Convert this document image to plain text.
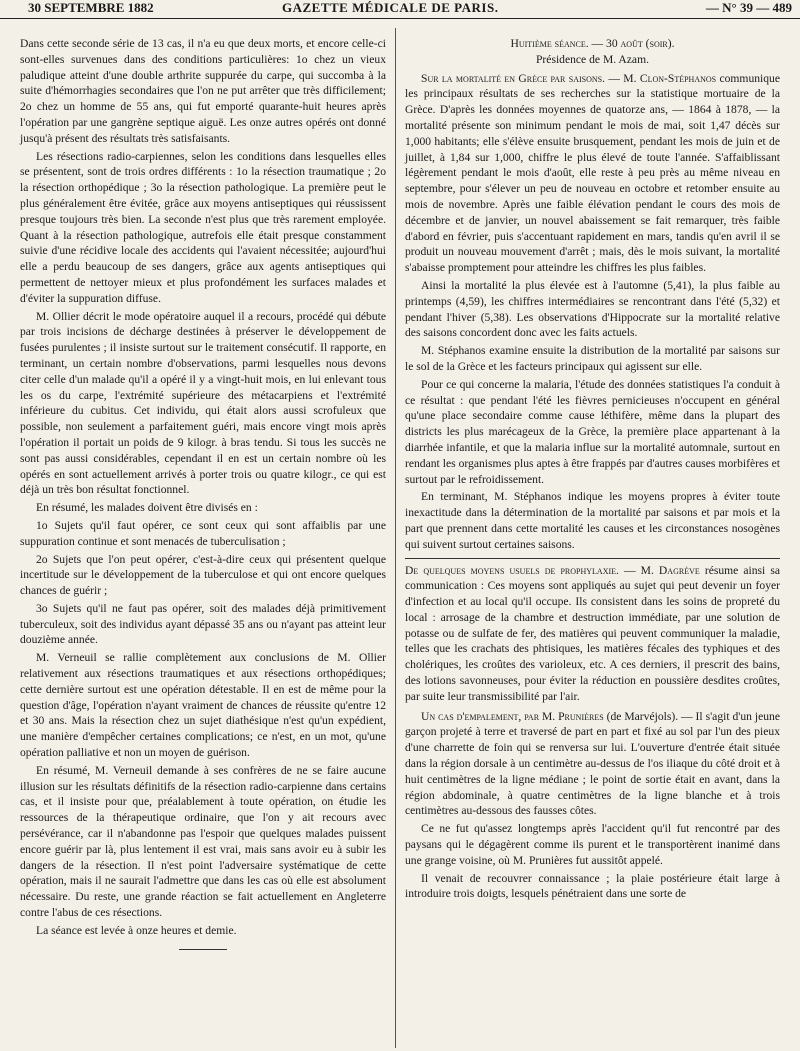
30 SEPTEMBRE 1882	GAZETTE MÉDICALE DE PARIS.	— N° 39 — 489

Dans cette seconde série de 13 cas, il n'a eu que deux morts, et encore celle-ci sont-elles survenues dans des conditions particulières: 1o chez un vieux paludique atteint d'une double arthrite suppurée du carpe, qui succomba à la suite d'hémorrhagies secondaires que l'on ne put arrêter que très difficilement; 2o chez un homme de 55 ans, qui fut emporté quarante-huit heures après l'opération par une gangrène septique aiguë. Les onze autres opérés ont donné jusqu'à présent des résultats très satisfaisants.

Les résections radio-carpiennes, selon les conditions dans lesquelles elles se présentent, sont de trois ordres différents : 1o la résection traumatique ; 2o la résection orthopédique ; 3o la résection pathologique. La première peut le plus généralement être évitée, grâce aux moyens antiseptiques qui réussissent presque toujours très bien. La seconde n'est plus que très rarement employée. Quant à la résection pathologique, autrefois elle était presque constamment suivie d'une récidive locale des accidents qui l'avaient nécessitée; aujourd'hui elle a perdu beaucoup de ses dangers, grâce aux agents antiseptiques qui permettent de nettoyer mieux et plus profondément les surfaces malades et d'éviter la suppuration diffuse.

M. Ollier décrit le mode opératoire auquel il a recours, procédé qui débute par trois incisions de décharge destinées à préserver le développement de fusées purulentes ; il insiste surtout sur le traitement consécutif. Il rapporte, en terminant, un certain nombre d'observations, parmi lesquelles nous devons citer celle d'un malade qu'il a opéré il y a vingt-huit mois, en lui enlevant tous les os du carpe, l'extrémité supérieure des métacarpiens et l'extrémité inférieure du cubitus. Cet individu, qui était alors aussi scrofuleux que possible, non seulement a parfaitement guéri, mais encore vingt mois après l'opération il portait un poids de 9 kilogr. à bras tendu. Si tous les succès ne sont pas aussi considérables, cependant il en est un certain nombre où les opérés en sont actuellement arrivés à porter trois ou quatre kilogr., ce qui est déjà un très bon résultat fonctionnel.

En résumé, les malades doivent être divisés en :

1o Sujets qu'il faut opérer, ce sont ceux qui sont affaiblis par une suppuration continue et sont menacés de tuberculisation ;

2o Sujets que l'on peut opérer, c'est-à-dire ceux qui présentent quelque incertitude sur le développement de la tuberculose et qui ont encore quelques chances de guérir ;

3o Sujets qu'il ne faut pas opérer, soit des malades déjà primitivement tuberculeux, soit des individus ayant dépassé 35 ans ou n'ayant pas atteint leur douzième année.

M. Verneuil se rallie complètement aux conclusions de M. Ollier relativement aux résections traumatiques et aux résections orthopédiques; cette dernière surtout est une opération détestable. Il en est de même pour la question d'âge, l'opération n'ayant vraiment de chances de réussite qu'entre 12 et 30 ans. Mais la résection chez un sujet diathésique n'est qu'un expédient, une manière d'empêcher certaines complications; ce n'est, en un mot, qu'une opération palliative et non un moyen de guérison.

En résumé, M. Verneuil demande à ses confrères de ne se faire aucune illusion sur les résultats définitifs de la résection radio-carpienne dans certains cas, et il insiste pour que, préalablement à toute opération, on étudie les ressources de la thérapeutique ordinaire, que l'on y ait recours avec persévérance, car il n'abandonne pas l'espoir que quelques malades puissent encore guérir par là, plus lentement il est vrai, mais sans avoir eu à subir les dangers de la résection. Il n'est point l'adversaire systématique de cette opération, mais il ne saurait l'admettre que dans les cas où elle est absolument nécessaire. Du reste, une grande réaction se fait actuellement en Angleterre contre l'abus de ces résections.

La séance est levée à onze heures et demie.

Huitième séance. — 30 août (soir).

Présidence de M. Azam.

Sur la mortalité en Grèce par saisons. — M. Clon-Stéphanos communique les principaux résultats de ses recherches sur la statistique mortuaire de la Grèce. D'après les données moyennes de quatorze ans, — 1864 à 1878, — la mortalité présente son minimum pendant le mois de mai, soit 1,47 décès sur 1,000 habitants; elle s'élève ensuite brusquement, pendant les mois de juin et de juillet, à 1,84 sur 1,000, chiffre le plus élevé de toute l'année. S'affaiblissant légèrement pendant le mois d'août, elle reste à peu près au même niveau en septembre, pour s'élever un peu de nouveau en octobre et retomber ensuite au mois de novembre. Après une faible élévation pendant le cours des mois de décembre et de janvier, un nouvel abaissement se fait remarquer, très faible d'abord en février, puis s'accentuant rapidement en mars, tandis qu'en avril il se produit un nouveau mouvement d'arrêt ; mais, dès le mois suivant, la mortalité s'abaisse promptement pour atteindre les chiffres les plus faibles.

Ainsi la mortalité la plus élevée est à l'automne (5,41), la plus faible au printemps (4,59), les chiffres intermédiaires se rencontrant dans l'été (5,32) et pendant l'hiver (5,38). Les observations d'Hippocrate sur la mortalité relative des saisons concordent donc avec les faits actuels.

M. Stéphanos examine ensuite la distribution de la mortalité par saisons sur le sol de la Grèce et les facteurs principaux qui agissent sur elle.

Pour ce qui concerne la malaria, l'étude des données statistiques l'a conduit à ce résultat : que pendant l'été les fièvres pernicieuses n'occupent en général qu'une place secondaire comme cause léthifère, même dans la plupart des districts les plus marécageux de la Grèce, la première place appartenant à la diarrhée infantile, et que la malaria influe sur la mortalité automnale, surtout en rendant les organismes plus aptes à être frappés par d'autres causes morbifères et surtout par le refroidissement.

En terminant, M. Stéphanos indique les moyens propres à éviter toute inexactitude dans la détermination de la mortalité par saisons et par mois et la part que prennent dans cette mortalité les causes et les circonstances nosogènes qui suivent surtout certaines saisons.

De quelques moyens usuels de prophylaxie. — M. Dagrève résume ainsi sa communication : Ces moyens sont appliqués au sujet qui peut devenir un foyer d'infection et au local qu'il occupe. Ils consistent dans les soins de propreté du local : arrosage de la chambre et destruction immédiate, par une solution de potasse ou de sulfate de fer, des matières qui peuvent communiquer la maladie, telles que les crachats des phtisiques, les matières fécales des typhiques et des cholériques, les croûtes des varioleux, etc. A ces derniers, il prescrit des bains, des lotions savonneuses, pour éviter la réduction en poussière desdites croûtes, par suite leur transmissibilité par l'air.

Un cas d'empalement, par M. Prunières (de Marvéjols). — Il s'agit d'un jeune garçon projeté à terre et traversé de part en part et fixé au sol par l'un des pieux d'une charrette de foin qui se renversa sur lui. L'ouverture d'entrée était située dans la région dorsale à un centimètre au-dessus de l'os iliaque du côté droit et à huit centimètres de la ligne médiane ; le point de sortie était en avant, dans la région abdominale, à quatre centimètres de la ligne blanche et à trois centimètres au-dessous des fausses côtes.

Ce ne fut qu'assez longtemps après l'accident qu'il fut rencontré par des paysans qui le dégagèrent comme ils purent et le transportèrent inanimé dans une grange voisine, où M. Prunières fut aussitôt appelé.

Il venait de recouvrer connaissance ; la plaie postérieure était large à introduire trois doigts, lesquels pénétraient dans une sorte de
